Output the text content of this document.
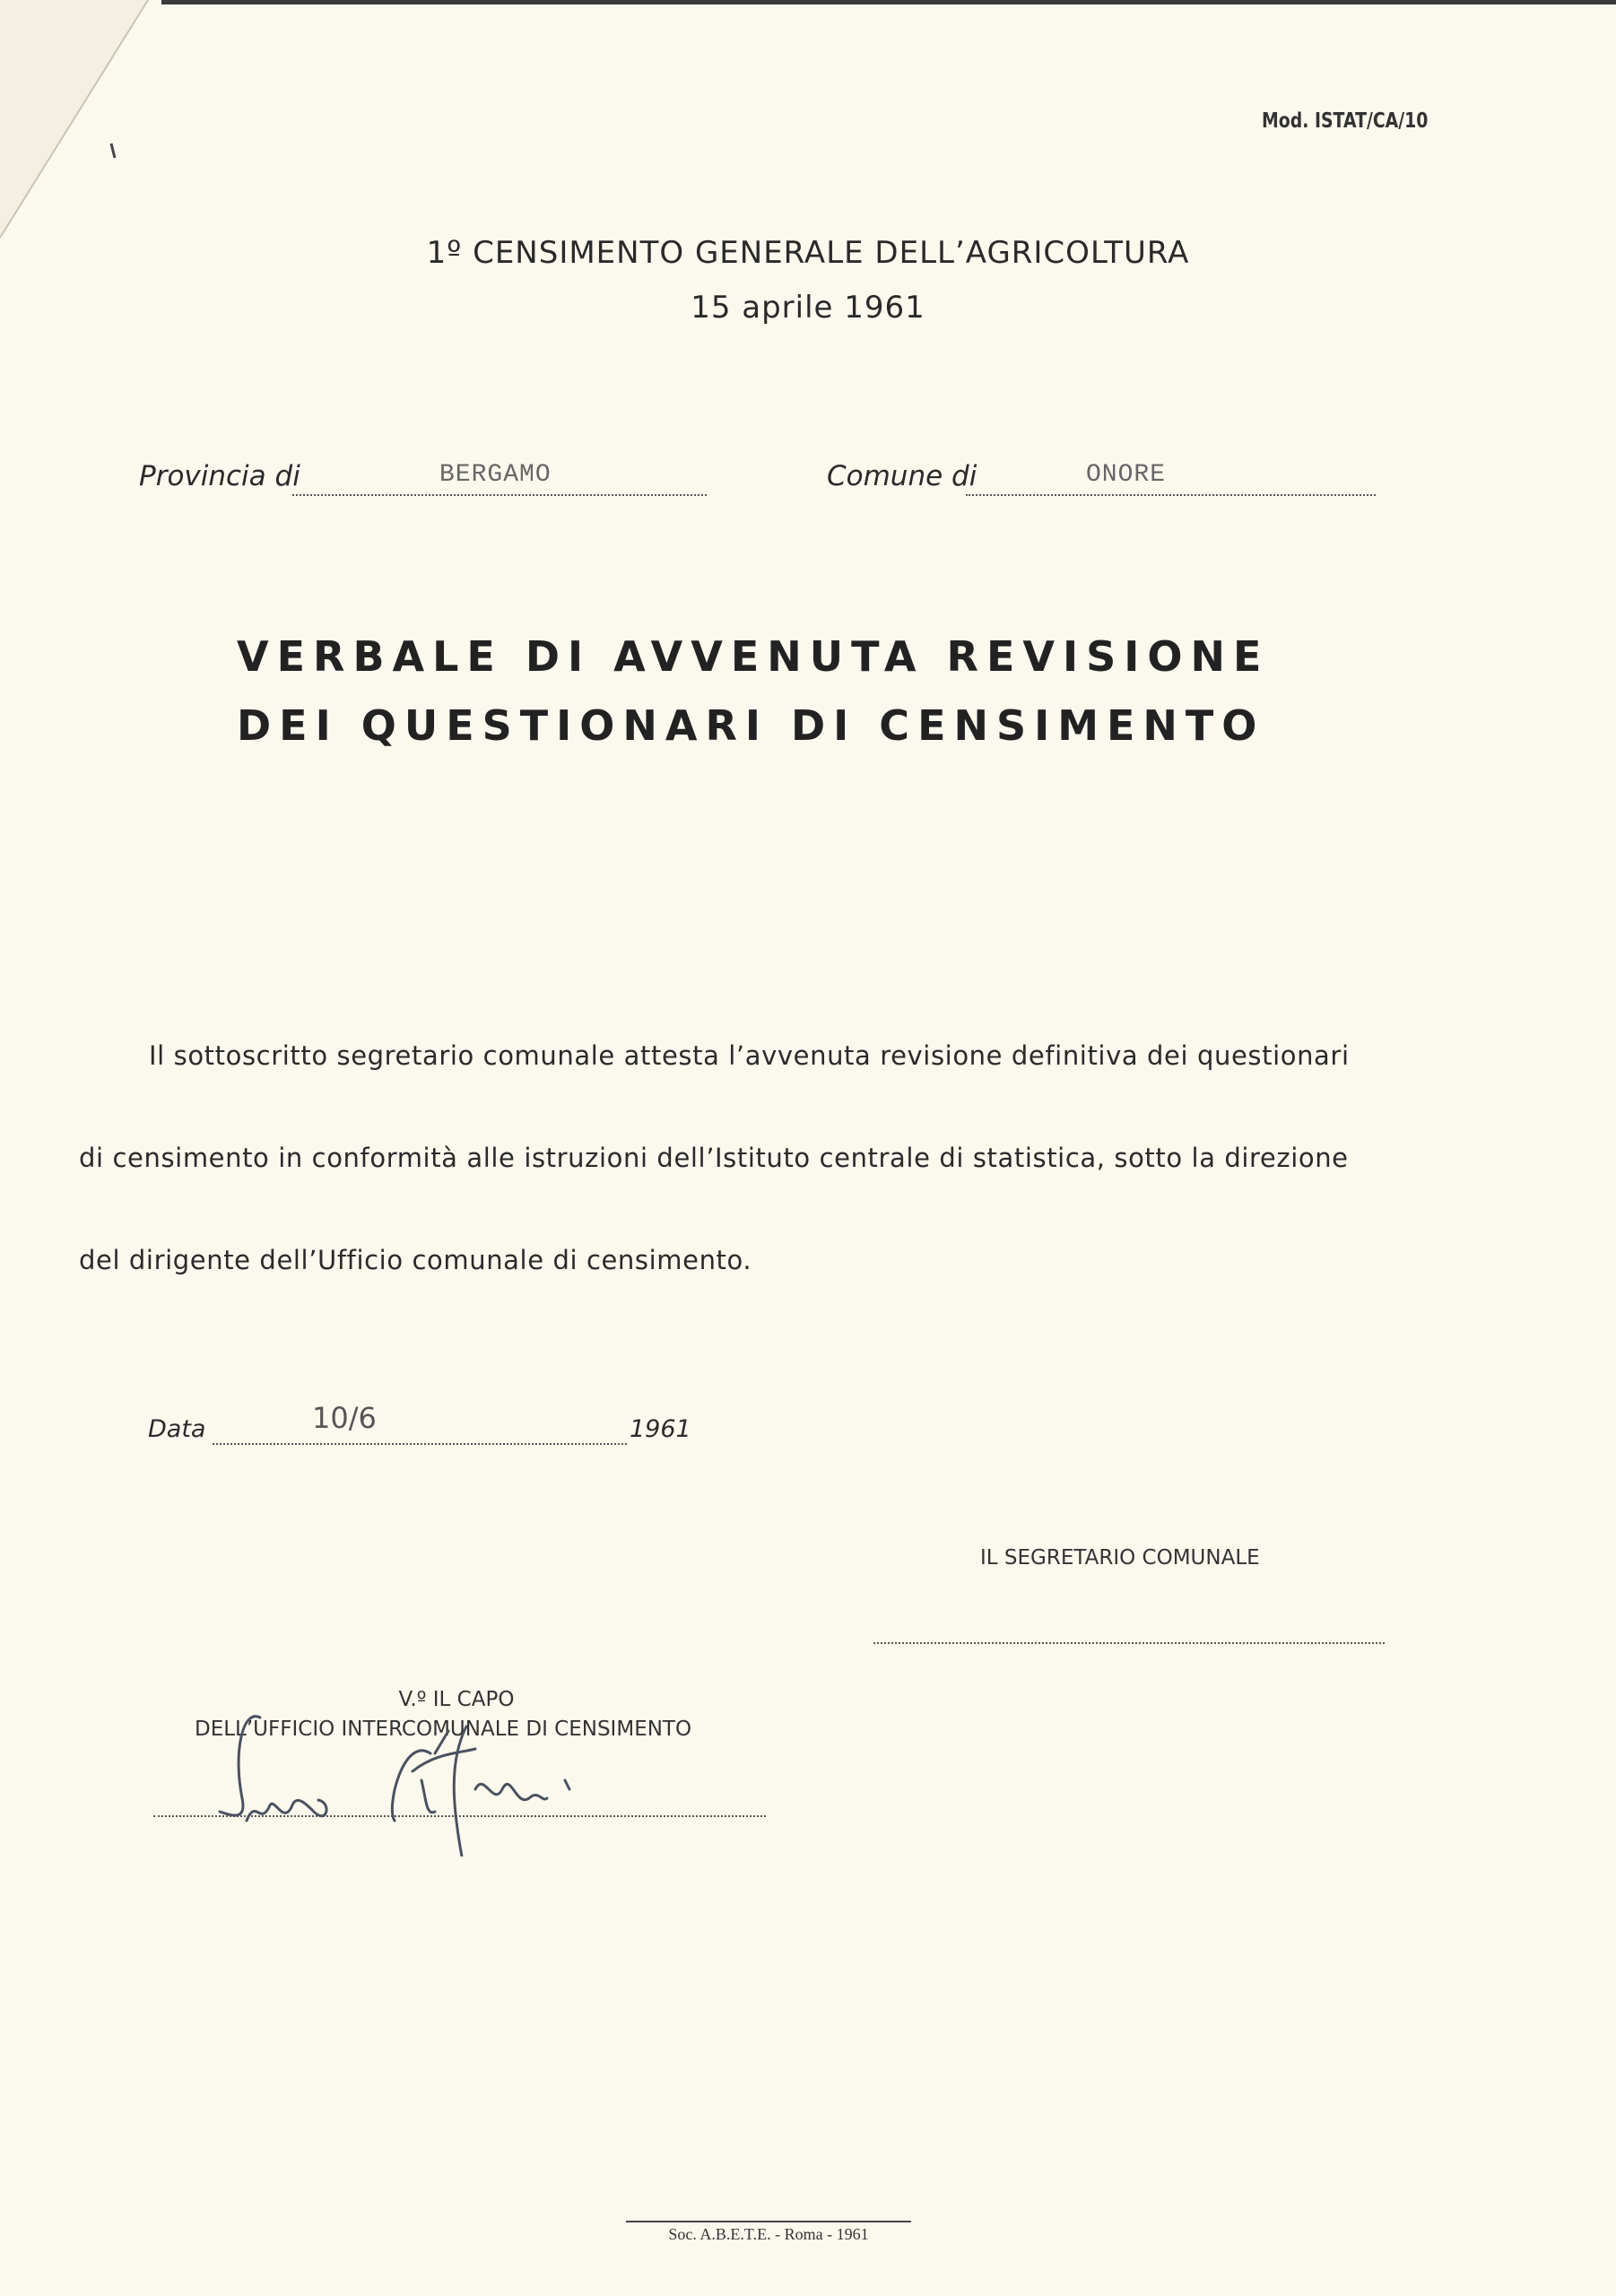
Mod. ISTAT/CA/10
1º CENSIMENTO GENERALE DELL’AGRICOLTURA
15 aprile 1961
Provincia di	BERGAMO	Comune di	ONORE
VERBALE DI AVVENUTA REVISIONE
DEI QUESTIONARI DI CENSIMENTO
Il sottoscritto segretario comunale attesta l’avvenuta revisione definitiva dei questionari
di censimento in conformità alle istruzioni dell’Istituto centrale di statistica, sotto la direzione
del dirigente dell’Ufficio comunale di censimento.
Data	10/6	1961
IL SEGRETARIO COMUNALE
V.º IL CAPO
DELL’UFFICIO INTERCOMUNALE DI CENSIMENTO
Soc. A.B.E.T.E. - Roma - 1961
